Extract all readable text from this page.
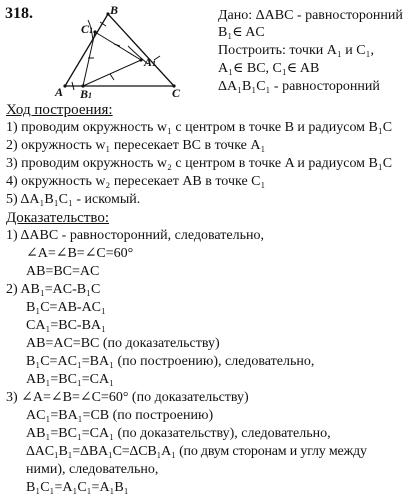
318.	B
C1
A B1	C
A1
Дано: ΔABC - равносторонний
B₁∈ AC
Построить: точки A₁ и C₁,
A₁∈ BC, C₁∈ AB
ΔA₁B₁C₁ - равносторонний
Ход построения:
1) проводим окружность w₁ с центром в точке B и радиусом B₁C
2) окружность w₁ пересекает BC в точке A₁
3) проводим окружность w₂ с центром в точке A и радиусом B₁C
4) окружность w₂ пересекает AB в точке C₁
5) ΔA₁B₁C₁ - искомый.
Доказательство:
1) ΔABC - равносторонний, следовательно,
∠A=∠B=∠C=60°
AB=BC=AC
2) AB₁=AC-B₁C
B₁C=AB-AC₁
CA₁=BC-BA₁
AB=AC=BC (по доказательству)
B₁C=AC₁=BA₁ (по построению), следовательно,
AB₁=BC₁=CA₁
3) ∠A=∠B=∠C=60° (по доказательству)
AC₁=BA₁=CB (по построению)
AB₁=BC₁=CA₁ (по доказательству), следовательно,
ΔAC₁B₁=ΔBA₁C=ΔCB₁A₁ (по двум сторонам и углу между
ними), следовательно,
B₁C₁=A₁C₁=A₁B₁
